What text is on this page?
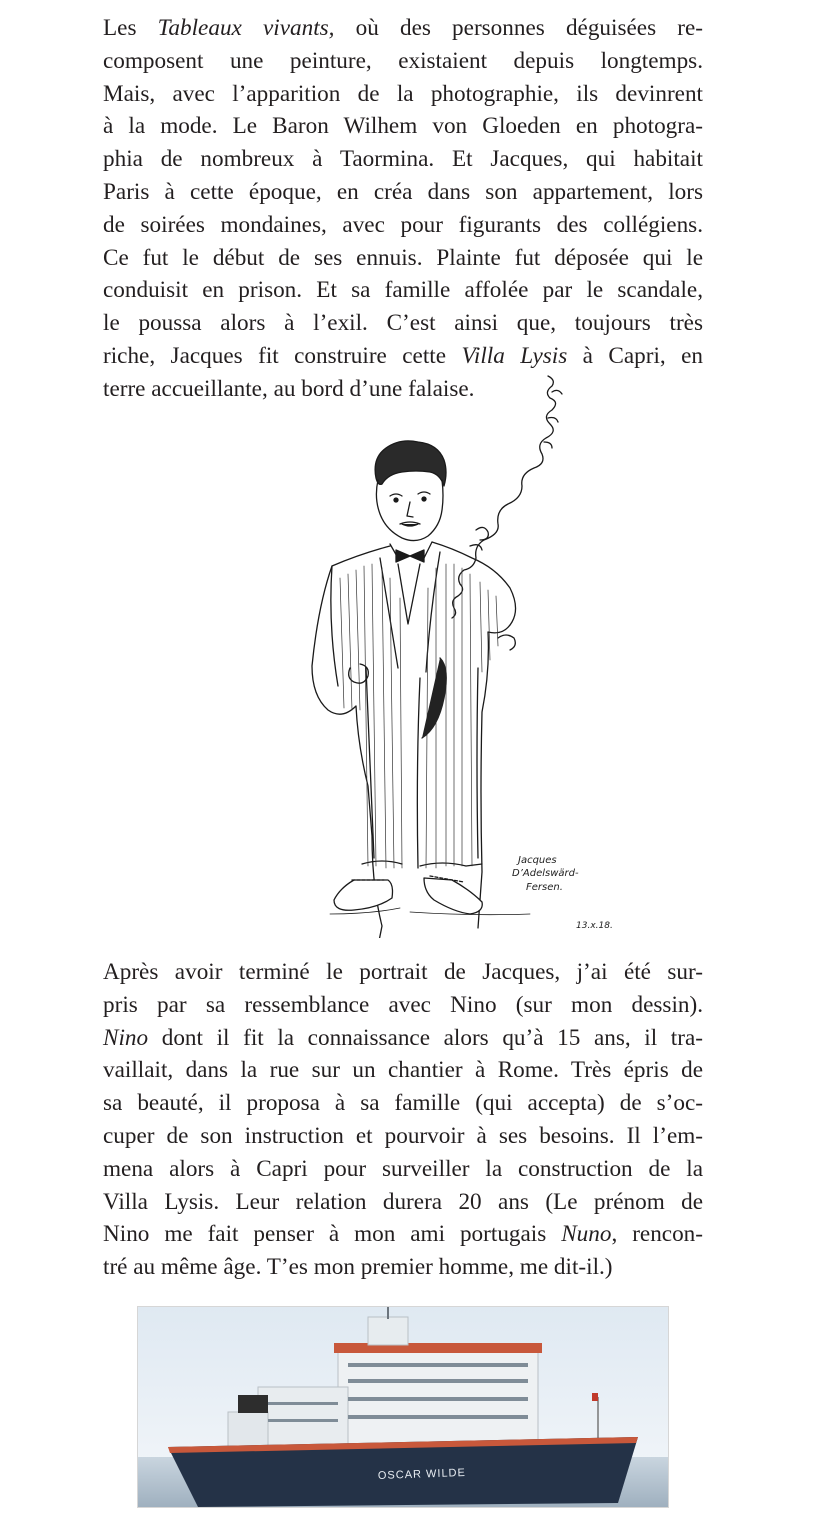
Les Tableaux vivants, où des personnes déguisées re-
composent une peinture, existaient depuis longtemps.
Mais, avec l’apparition de la photographie, ils devinrent
à la mode. Le Baron Wilhem von Gloeden en photogra-
phia de nombreux à Taormina. Et Jacques, qui habitait
Paris à cette époque, en créa dans son appartement, lors
de soirées mondaines, avec pour figurants des collégiens.
Ce fut le début de ses ennuis. Plainte fut déposée qui le
conduisit en prison. Et sa famille affolée par le scandale,
le poussa alors à l’exil. C’est ainsi que, toujours très
riche, Jacques fit construire cette Villa Lysis à Capri, en
terre accueillante, au bord d’une falaise.
Jacques
D’Adelswärd-
Fersen.
13.x.18.
Après avoir terminé le portrait de Jacques, j’ai été sur-
pris par sa ressemblance avec Nino (sur mon dessin).
Nino dont il fit la connaissance alors qu’à 15 ans, il tra-
vaillait, dans la rue sur un chantier à Rome. Très épris de
sa beauté, il proposa à sa famille (qui accepta) de s’oc-
cuper de son instruction et pourvoir à ses besoins. Il l’em-
mena alors à Capri pour surveiller la construction de la
Villa Lysis. Leur relation durera 20 ans (Le prénom de
Nino me fait penser à mon ami portugais Nuno, rencon-
tré au même âge. T’es mon premier homme, me dit-il.)
OSCAR WILDE
